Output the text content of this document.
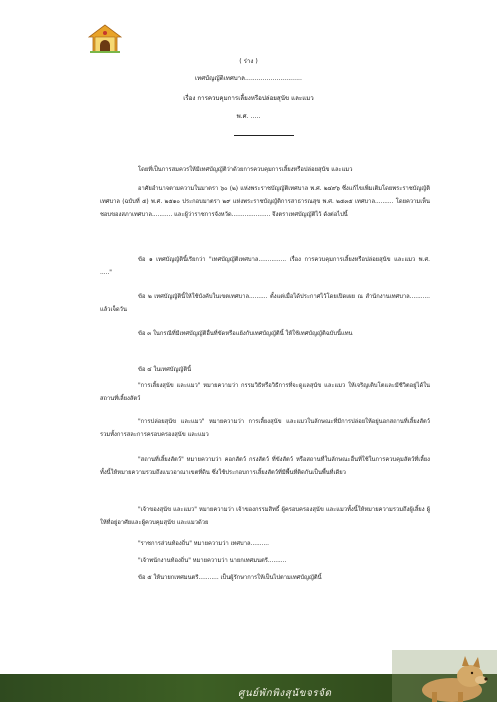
( ร่าง )
เทศบัญญัติเทศบาล.............................
เรื่อง การควบคุมการเลี้ยงหรือปล่อยสุนัข และแมว
พ.ศ. .....
โดยที่เป็นการสมควรให้มีเทศบัญญัติว่าด้วยการควบคุมการเลี้ยงหรือปล่อยสุนัข และแมว
อาศัยอำนาจตามความในมาตรา ๖๐ (๒) แห่งพระราชบัญญัติเทศบาล พ.ศ. ๒๔๙๖ ซึ่งแก้ไขเพิ่มเติมโดยพระราชบัญญัติเทศบาล (ฉบับที่ ๕) พ.ศ. ๒๕๑๐ ประกอบมาตรา ๒๙ แห่งพระราชบัญญัติการสาธารณสุข พ.ศ. ๒๕๓๕ เทศบาล.......... โดยความเห็นชอบของสภาเทศบาล........... และผู้ว่าราชการจังหวัด..................... จึงตราเทศบัญญัติไว้ ดังต่อไปนี้
ข้อ ๑ เทศบัญญัตินี้เรียกว่า "เทศบัญญัติเทศบาล............... เรื่อง การควบคุมการเลี้ยงหรือปล่อยสุนัข และแมว พ.ศ. ....."
ข้อ ๒ เทศบัญญัตินี้ให้ใช้บังคับในเขตเทศบาล.......... ตั้งแต่เมื่อได้ประกาศไว้โดยเปิดเผย ณ สำนักงานเทศบาล........... แล้วเจ็ดวัน
ข้อ ๓ ในกรณีที่มีเทศบัญญัติอื่นที่ขัดหรือแย้งกับเทศบัญญัตินี้ ให้ใช้เทศบัญญัติฉบับนี้แทน
ข้อ ๔ ในเทศบัญญัตินี้
"การเลี้ยงสุนัข และแมว" หมายความว่า กรรมวิธีหรือวิธีการที่จะดูแลสุนัข และแมว ให้เจริญเติบโตและมีชีวิตอยู่ได้ในสถานที่เลี้ยงสัตว์
"การปล่อยสุนัข และแมว" หมายความว่า การเลี้ยงสุนัข และแมวในลักษณะที่มีการปล่อยให้อยู่นอกสถานที่เลี้ยงสัตว์ รวมทั้งการสละการครอบครองสุนัข และแมว
"สถานที่เลี้ยงสัตว์" หมายความว่า คอกสัตว์ กรงสัตว์ ที่ขังสัตว์ หรือสถานที่ในลักษณะอื่นที่ใช้ในการควบคุมสัตว์ที่เลี้ยง ทั้งนี้ให้หมายความรวมถึงแนวอาณาเขตที่ดิน ซึ่งใช้ประกอบการเลี้ยงสัตว์ที่มีพื้นที่ติดกันเป็นพื้นที่เดียว
"เจ้าของสุนัข และแมว" หมายความว่า เจ้าของกรรมสิทธิ์ ผู้ครอบครองสุนัข และแมวทั้งนี้ให้หมายความรวมถึงผู้เลี้ยง ผู้ให้ที่อยู่อาศัยและผู้ควบคุมสุนัข และแมวด้วย
"ราชการส่วนท้องถิ่น" หมายความว่า เทศบาล..........
"เจ้าพนักงานท้องถิ่น" หมายความว่า นายกเทศมนตรี..........
ข้อ ๕ ให้นายกเทศมนตรี........... เป็นผู้รักษาการให้เป็นไปตามเทศบัญญัตินี้
ศูนย์พักพิงสุนัขจรจัด
